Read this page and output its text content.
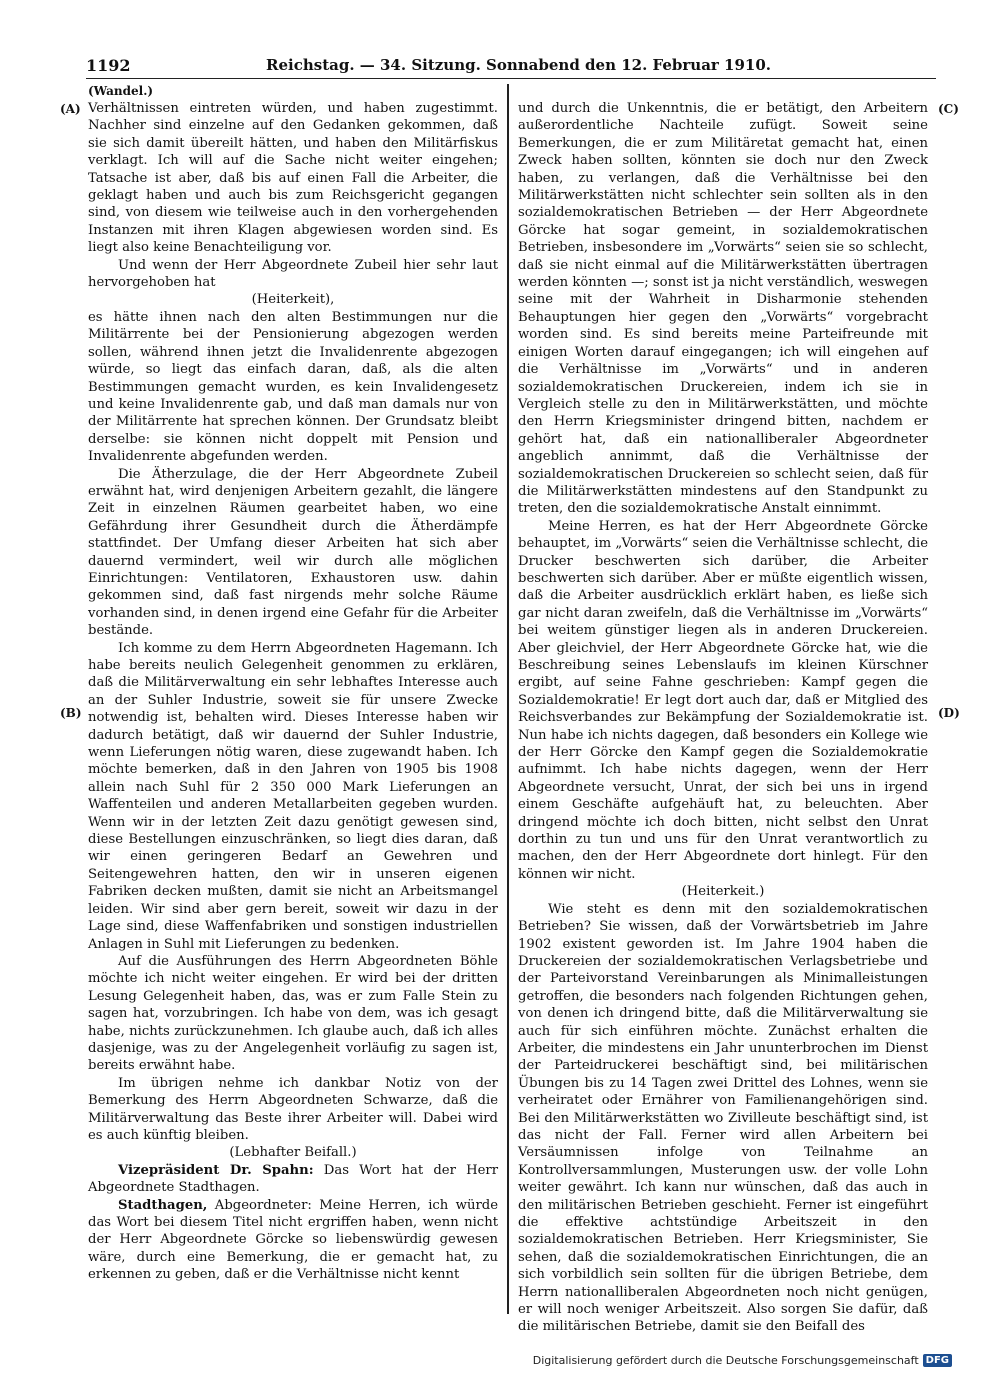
1192	Reichstag. — 34. Sitzung. Sonnabend den 12. Februar 1910.
(Wandel.)
(A)
(B)
(C)
(D)

Verhältnissen eintreten würden, und haben zugestimmt. Nachher sind einzelne auf den Gedanken gekommen, daß sie sich damit übereilt hätten, und haben den Militärfiskus verklagt. Ich will auf die Sache nicht weiter eingehen; Tatsache ist aber, daß bis auf einen Fall die Arbeiter, die geklagt haben und auch bis zum Reichsgericht gegangen sind, von diesem wie teilweise auch in den vorhergehenden Instanzen mit ihren Klagen abgewiesen worden sind. Es liegt also keine Benachteiligung vor.

Und wenn der Herr Abgeordnete Zubeil hier sehr laut hervorgehoben hat

(Heiterkeit),

es hätte ihnen nach den alten Bestimmungen nur die Militärrente bei der Pensionierung abgezogen werden sollen, während ihnen jetzt die Invalidenrente abgezogen würde, so liegt das einfach daran, daß, als die alten Bestimmungen gemacht wurden, es kein Invalidengesetz und keine Invalidenrente gab, und daß man damals nur von der Militärrente hat sprechen können. Der Grundsatz bleibt derselbe: sie können nicht doppelt mit Pension und Invalidenrente abgefunden werden.

Die Ätherzulage, die der Herr Abgeordnete Zubeil erwähnt hat, wird denjenigen Arbeitern gezahlt, die längere Zeit in einzelnen Räumen gearbeitet haben, wo eine Gefährdung ihrer Gesundheit durch die Ätherdämpfe stattfindet. Der Umfang dieser Arbeiten hat sich aber dauernd vermindert, weil wir durch alle möglichen Einrichtungen: Ventilatoren, Exhaustoren usw. dahin gekommen sind, daß fast nirgends mehr solche Räume vorhanden sind, in denen irgend eine Gefahr für die Arbeiter bestände.

Ich komme zu dem Herrn Abgeordneten Hagemann. Ich habe bereits neulich Gelegenheit genommen zu erklären, daß die Militärverwaltung ein sehr lebhaftes Interesse auch an der Suhler Industrie, soweit sie für unsere Zwecke notwendig ist, behalten wird. Dieses Interesse haben wir dadurch betätigt, daß wir dauernd der Suhler Industrie, wenn Lieferungen nötig waren, diese zugewandt haben. Ich möchte bemerken, daß in den Jahren von 1905 bis 1908 allein nach Suhl für 2 350 000 Mark Lieferungen an Waffenteilen und anderen Metallarbeiten gegeben wurden. Wenn wir in der letzten Zeit dazu genötigt gewesen sind, diese Bestellungen einzuschränken, so liegt dies daran, daß wir einen geringeren Bedarf an Gewehren und Seitengewehren hatten, den wir in unseren eigenen Fabriken decken mußten, damit sie nicht an Arbeitsmangel leiden. Wir sind aber gern bereit, soweit wir dazu in der Lage sind, diese Waffenfabriken und sonstigen industriellen Anlagen in Suhl mit Lieferungen zu bedenken.

Auf die Ausführungen des Herrn Abgeordneten Böhle möchte ich nicht weiter eingehen. Er wird bei der dritten Lesung Gelegenheit haben, das, was er zum Falle Stein zu sagen hat, vorzubringen. Ich habe von dem, was ich gesagt habe, nichts zurückzunehmen. Ich glaube auch, daß ich alles dasjenige, was zu der Angelegenheit vorläufig zu sagen ist, bereits erwähnt habe.

Im übrigen nehme ich dankbar Notiz von der Bemerkung des Herrn Abgeordneten Schwarze, daß die Militärverwaltung das Beste ihrer Arbeiter will. Dabei wird es auch künftig bleiben.

(Lebhafter Beifall.)

Vizepräsident Dr. Spahn: Das Wort hat der Herr Abgeordnete Stadthagen.

Stadthagen, Abgeordneter: Meine Herren, ich würde das Wort bei diesem Titel nicht ergriffen haben, wenn nicht der Herr Abgeordnete Görcke so liebenswürdig gewesen wäre, durch eine Bemerkung, die er gemacht hat, zu erkennen zu geben, daß er die Verhältnisse nicht kennt

und durch die Unkenntnis, die er betätigt, den Arbeitern außerordentliche Nachteile zufügt. Soweit seine Bemerkungen, die er zum Militäretat gemacht hat, einen Zweck haben sollten, könnten sie doch nur den Zweck haben, zu verlangen, daß die Verhältnisse bei den Militärwerkstätten nicht schlechter sein sollten als in den sozialdemokratischen Betrieben — der Herr Abgeordnete Görcke hat sogar gemeint, in sozialdemokratischen Betrieben, insbesondere im „Vorwärts“ seien sie so schlecht, daß sie nicht einmal auf die Militärwerkstätten übertragen werden könnten —; sonst ist ja nicht verständlich, weswegen seine mit der Wahrheit in Disharmonie stehenden Behauptungen hier gegen den „Vorwärts“ vorgebracht worden sind. Es sind bereits meine Parteifreunde mit einigen Worten darauf eingegangen; ich will eingehen auf die Verhältnisse im „Vorwärts“ und in anderen sozialdemokratischen Druckereien, indem ich sie in Vergleich stelle zu den in Militärwerkstätten, und möchte den Herrn Kriegsminister dringend bitten, nachdem er gehört hat, daß ein nationalliberaler Abgeordneter angeblich annimmt, daß die Verhältnisse der sozialdemokratischen Druckereien so schlecht seien, daß für die Militärwerkstätten mindestens auf den Standpunkt zu treten, den die sozialdemokratische Anstalt einnimmt.

Meine Herren, es hat der Herr Abgeordnete Görcke behauptet, im „Vorwärts“ seien die Verhältnisse schlecht, die Drucker beschwerten sich darüber, die Arbeiter beschwerten sich darüber. Aber er müßte eigentlich wissen, daß die Arbeiter ausdrücklich erklärt haben, es ließe sich gar nicht daran zweifeln, daß die Verhältnisse im „Vorwärts“ bei weitem günstiger liegen als in anderen Druckereien. Aber gleichviel, der Herr Abgeordnete Görcke hat, wie die Beschreibung seines Lebenslaufs im kleinen Kürschner ergibt, auf seine Fahne geschrieben: Kampf gegen die Sozialdemokratie! Er legt dort auch dar, daß er Mitglied des Reichsverbandes zur Bekämpfung der Sozialdemokratie ist. Nun habe ich nichts dagegen, daß besonders ein Kollege wie der Herr Görcke den Kampf gegen die Sozialdemokratie aufnimmt. Ich habe nichts dagegen, wenn der Herr Abgeordnete versucht, Unrat, der sich bei uns in irgend einem Geschäfte aufgehäuft hat, zu beleuchten. Aber dringend möchte ich doch bitten, nicht selbst den Unrat dorthin zu tun und uns für den Unrat verantwortlich zu machen, den der Herr Abgeordnete dort hinlegt. Für den können wir nicht.

(Heiterkeit.)

Wie steht es denn mit den sozialdemokratischen Betrieben? Sie wissen, daß der Vorwärtsbetrieb im Jahre 1902 existent geworden ist. Im Jahre 1904 haben die Druckereien der sozialdemokratischen Verlagsbetriebe und der Parteivorstand Vereinbarungen als Minimalleistungen getroffen, die besonders nach folgenden Richtungen gehen, von denen ich dringend bitte, daß die Militärverwaltung sie auch für sich einführen möchte. Zunächst erhalten die Arbeiter, die mindestens ein Jahr ununterbrochen im Dienst der Parteidruckerei beschäftigt sind, bei militärischen Übungen bis zu 14 Tagen zwei Drittel des Lohnes, wenn sie verheiratet oder Ernährer von Familienangehörigen sind. Bei den Militärwerkstätten wo Zivilleute beschäftigt sind, ist das nicht der Fall. Ferner wird allen Arbeitern bei Versäumnissen infolge von Teilnahme an Kontrollversammlungen, Musterungen usw. der volle Lohn weiter gewährt. Ich kann nur wünschen, daß das auch in den militärischen Betrieben geschieht. Ferner ist eingeführt die effektive achtstündige Arbeitszeit in den sozialdemokratischen Betrieben. Herr Kriegsminister, Sie sehen, daß die sozialdemokratischen Einrichtungen, die an sich vorbildlich sein sollten für die übrigen Betriebe, dem Herrn nationalliberalen Abgeordneten noch nicht genügen, er will noch weniger Arbeitszeit. Also sorgen Sie dafür, daß die militärischen Betriebe, damit sie den Beifall des

Digitalisierung gefördert durch die Deutsche Forschungsgemeinschaft DFG
